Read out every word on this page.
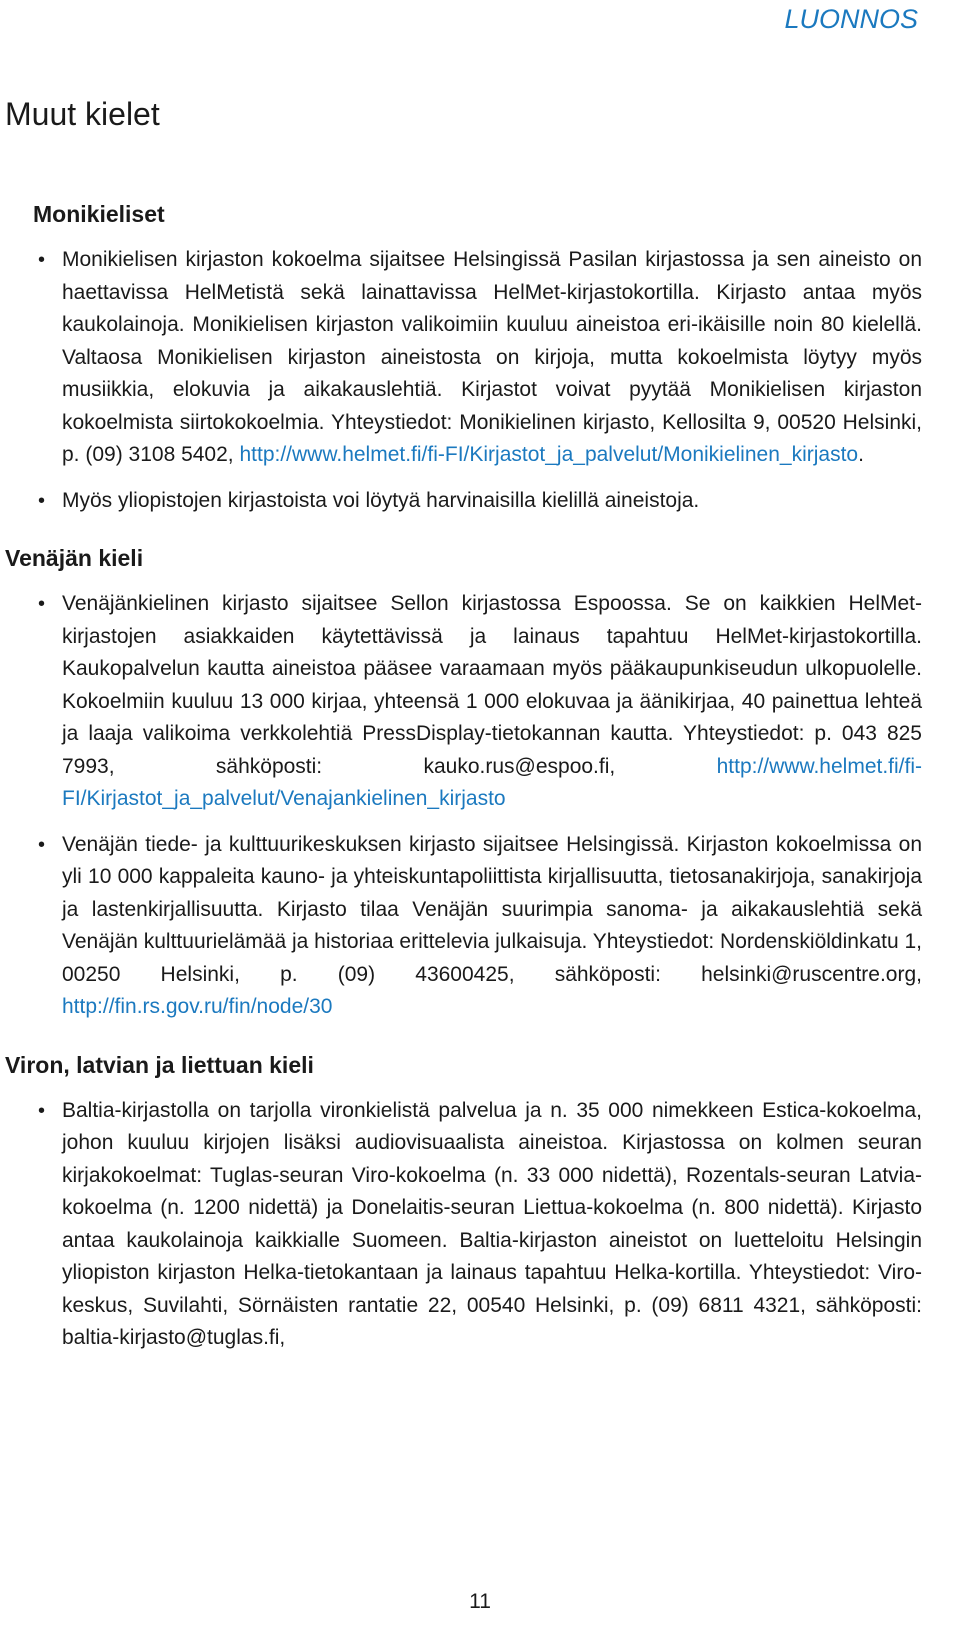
LUONNOS
Muut kielet
Monikieliset
• Monikielisen kirjaston kokoelma sijaitsee Helsingissä Pasilan kirjastossa ja sen aineisto on haettavissa HelMetistä sekä lainattavissa HelMet-kirjastokortilla. Kirjasto antaa myös kaukolainoja. Monikielisen kirjaston valikoimiin kuuluu aineistoa eri-ikäisille noin 80 kielellä. Valtaosa Monikielisen kirjaston aineistosta on kirjoja, mutta kokoelmista löytyy myös musiikkia, elokuvia ja aikakauslehtiä. Kirjastot voivat pyytää Monikielisen kirjaston kokoelmista siirtokokoelmia. Yhteystiedot: Monikielinen kirjasto, Kellosilta 9, 00520 Helsinki, p. (09) 3108 5402, http://www.helmet.fi/fi-FI/Kirjastot_ja_palvelut/Monikielinen_kirjasto.
• Myös yliopistojen kirjastoista voi löytyä harvinaisilla kielillä aineistoja.
Venäjän kieli
• Venäjänkielinen kirjasto sijaitsee Sellon kirjastossa Espoossa. Se on kaikkien HelMet-kirjastojen asiakkaiden käytettävissä ja lainaus tapahtuu HelMet-kirjastokortilla. Kaukopalvelun kautta aineistoa pääsee varaamaan myös pääkaupunkiseudun ulkopuolelle. Kokoelmiin kuuluu 13 000 kirjaa, yhteensä 1 000 elokuvaa ja äänikirjaa, 40 painettua lehteä ja laaja valikoima verkkolehtiä PressDisplay-tietokannan kautta. Yhteystiedot: p. 043 825 7993, sähköposti: kauko.rus@espoo.fi,	http://www.helmet.fi/fi-FI/Kirjastot_ja_palvelut/Venajankielinen_kirjasto
• Venäjän tiede- ja kulttuurikeskuksen kirjasto sijaitsee Helsingissä. Kirjaston kokoelmissa on yli 10 000 kappaleita kauno- ja yhteiskuntapoliittista kirjallisuutta, tietosanakirjoja, sanakirjoja ja lastenkirjallisuutta. Kirjasto tilaa Venäjän suurimpia sanoma- ja aikakauslehtiä sekä Venäjän kulttuurielämää ja historiaa erittelevia julkaisuja. Yhteystiedot: Nordenskiöldinkatu 1, 00250 Helsinki, p. (09) 43600425, sähköposti: helsinki@ruscentre.org, http://fin.rs.gov.ru/fin/node/30
Viron, latvian ja liettuan kieli
• Baltia-kirjastolla on tarjolla vironkielistä palvelua ja n. 35 000 nimekkeen Estica-kokoelma, johon kuuluu kirjojen lisäksi audiovisuaalista aineistoa. Kirjastossa on kolmen seuran kirjakokoelmat: Tuglas-seuran Viro-kokoelma (n. 33 000 nidettä), Rozentals-seuran Latvia-kokoelma (n. 1200 nidettä) ja Donelaitis-seuran Liettua-kokoelma (n. 800 nidettä). Kirjasto antaa kaukolainoja kaikkialle Suomeen. Baltia-kirjaston aineistot on luetteloitu Helsingin yliopiston kirjaston Helka-tietokantaan ja lainaus tapahtuu Helka-kortilla. Yhteystiedot: Viro-keskus, Suvilahti, Sörnäisten rantatie 22, 00540 Helsinki, p. (09) 6811 4321, sähköposti: baltia-kirjasto@tuglas.fi,
11
